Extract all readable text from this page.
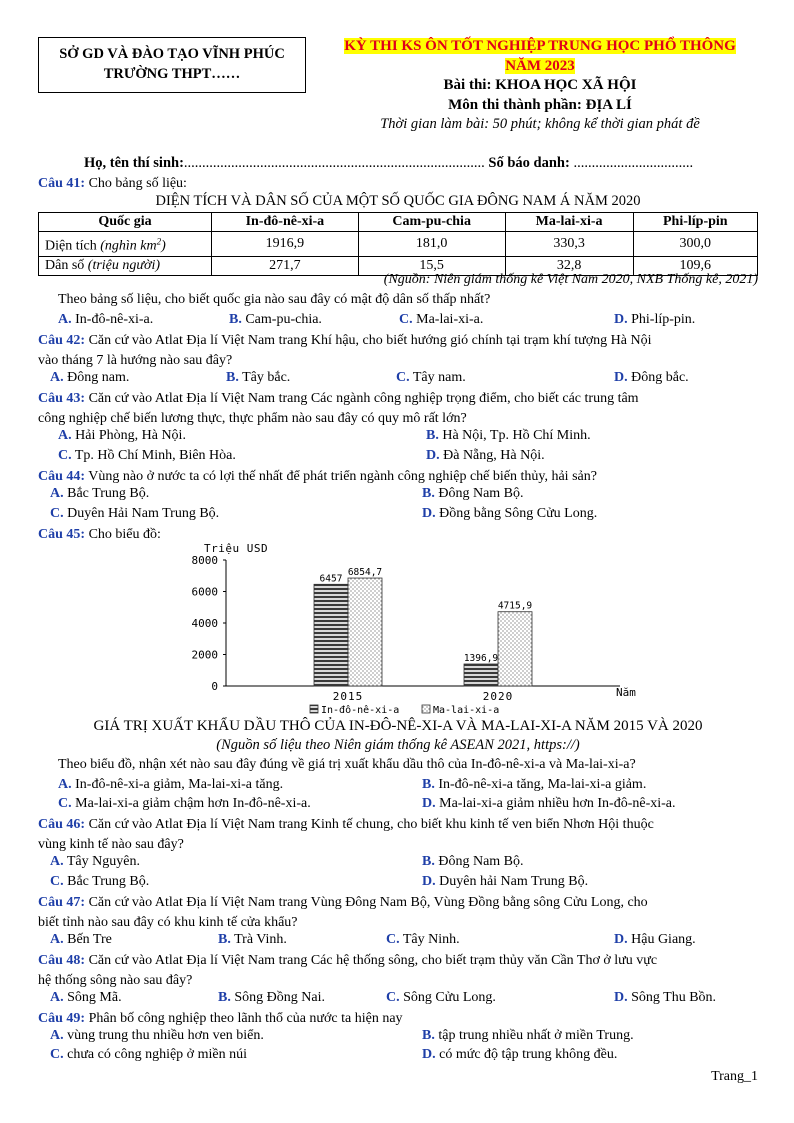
SỞ GD VÀ ĐÀO TẠO VĨNH PHÚC
TRƯỜNG THPT……
KỲ THI KS ÔN TỐT NGHIỆP TRUNG HỌC PHỔ THÔNG
NĂM 2023
Bài thi: KHOA HỌC XÃ HỘI
Môn thi thành phần: ĐỊA LÍ
Thời gian làm bài: 50 phút; không kể thời gian phát đề
Họ, tên thí sinh:................................................................................... Số báo danh: .................................
Câu 41: Cho bảng số liệu:
DIỆN TÍCH VÀ DÂN SỐ CỦA MỘT SỐ QUỐC GIA ĐÔNG NAM Á NĂM 2020
Quốc gia	In-đô-nê-xi-a	Cam-pu-chia	Ma-lai-xi-a	Phi-líp-pin
Diện tích (nghìn $km^2$)	1916,9	181,0	330,3	300,0
Dân số (triệu người)	271,7	15,5	32,8	109,6
(Nguồn: Niên giám thống kê Việt Nam 2020, NXB Thống kê, 2021)
Theo bảng số liệu, cho biết quốc gia nào sau đây có mật độ dân số thấp nhất?
A. In-đô-nê-xi-a.	B. Cam-pu-chia.	C. Ma-lai-xi-a.	D. Phi-líp-pin.
Câu 42: Căn cứ vào Atlat Địa lí Việt Nam trang Khí hậu, cho biết hướng gió chính tại trạm khí tượng Hà Nội
vào tháng 7 là hướng nào sau đây?
A. Đông nam.	B. Tây bắc.	C. Tây nam.	D. Đông bắc.
Câu 43: Căn cứ vào Atlat Địa lí Việt Nam trang Các ngành công nghiệp trọng điểm, cho biết các trung tâm
công nghiệp chế biến lương thực, thực phẩm nào sau đây có quy mô rất lớn?
A. Hải Phòng, Hà Nội.	B. Hà Nội, Tp. Hồ Chí Minh.
C. Tp. Hồ Chí Minh, Biên Hòa.	D. Đà Nẵng, Hà Nội.
Câu 44: Vùng nào ở nước ta có lợi thế nhất để phát triển ngành công nghiệp chế biến thủy, hải sản?
A. Bắc Trung Bộ.	B. Đông Nam Bộ.
C. Duyên Hải Nam Trung Bộ.	D. Đồng bằng Sông Cửu Long.
Câu 45: Cho biểu đồ:
0
2000
4000
6000
8000
6457
6854,7
2015
1396,9
4715,9
2020
Triệu USD
Năm
In-đô-nê-xi-a	Ma-lai-xi-a
GIÁ TRỊ XUẤT KHẨU DẦU THÔ CỦA IN-ĐÔ-NÊ-XI-A VÀ MA-LAI-XI-A NĂM 2015 VÀ 2020
(Nguồn số liệu theo Niên giám thống kê ASEAN 2021, https://)
Theo biểu đồ, nhận xét nào sau đây đúng về giá trị xuất khẩu dầu thô của In-đô-nê-xi-a và Ma-lai-xi-a?
A. In-đô-nê-xi-a giảm, Ma-lai-xi-a tăng.	B. In-đô-nê-xi-a tăng, Ma-lai-xi-a giảm.
C. Ma-lai-xi-a giảm chậm hơn In-đô-nê-xi-a.	D. Ma-lai-xi-a giảm nhiều hơn In-đô-nê-xi-a.
Câu 46: Căn cứ vào Atlat Địa lí Việt Nam trang Kinh tế chung, cho biết khu kinh tế ven biển Nhơn Hội thuộc
vùng kinh tế nào sau đây?
A. Tây Nguyên.	B. Đông Nam Bộ.
C. Bắc Trung Bộ.	D. Duyên hải Nam Trung Bộ.
Câu 47: Căn cứ vào Atlat Địa lí Việt Nam trang Vùng Đông Nam Bộ, Vùng Đồng bằng sông Cửu Long, cho
biết tỉnh nào sau đây có khu kinh tế cửa khẩu?
A. Bến Tre	B. Trà Vinh.	C. Tây Ninh.	D. Hậu Giang.
Câu 48: Căn cứ vào Atlat Địa lí Việt Nam trang Các hệ thống sông, cho biết trạm thủy văn Cần Thơ ở lưu vực
hệ thống sông nào sau đây?
A. Sông Mã.	B. Sông Đồng Nai.	C. Sông Cửu Long.	D. Sông Thu Bồn.
Câu 49: Phân bố công nghiệp theo lãnh thổ của nước ta hiện nay
A. vùng trung thu nhiều hơn ven biển.	B. tập trung nhiều nhất ở miền Trung.
C. chưa có công nghiệp ở miền núi	D. có mức độ tập trung không đều.
Trang_1
